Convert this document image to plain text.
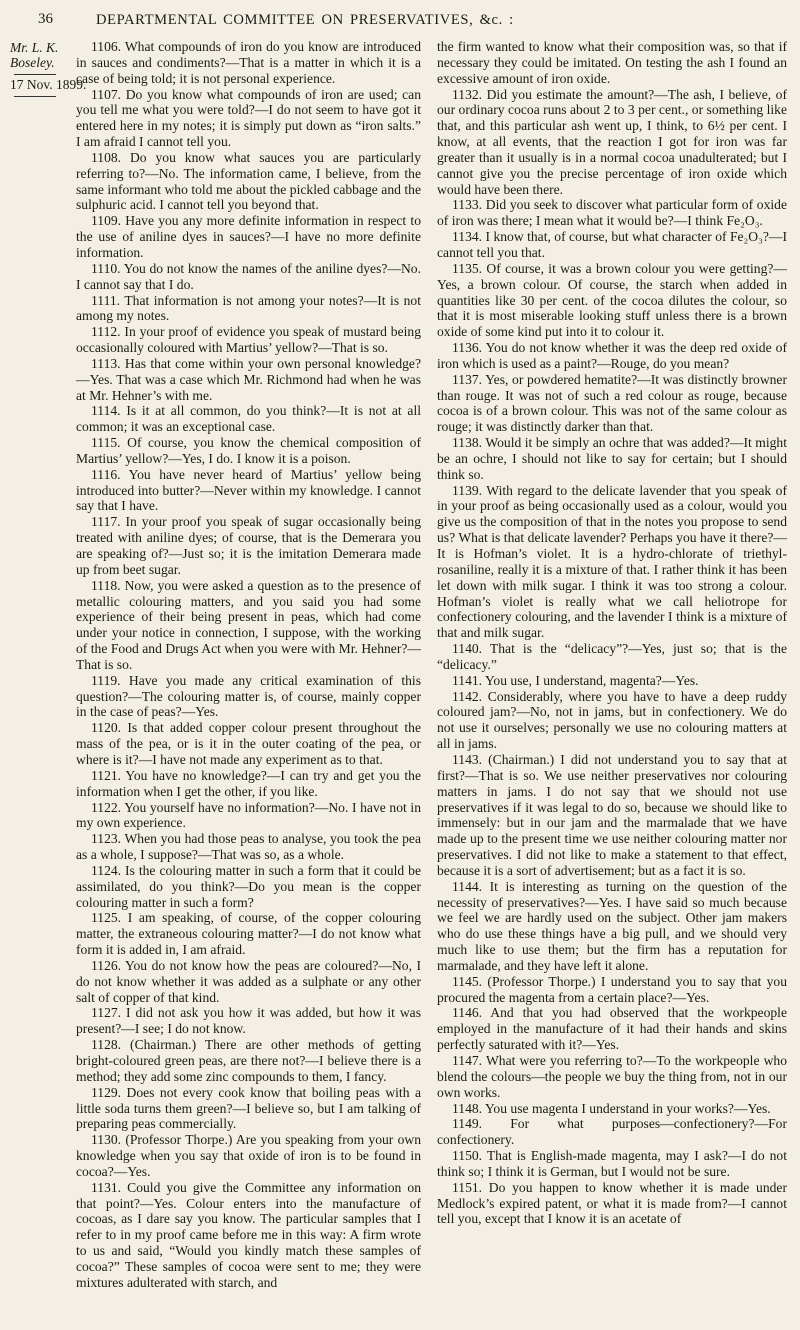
36	DEPARTMENTAL COMMITTEE ON PRESERVATIVES, &c. :
Mr. L. K. Boseley.
17 Nov. 1899.

1106. What compounds of iron do you know are introduced in sauces and condiments?—That is a matter in which it is a case of being told; it is not personal experience.

1107. Do you know what compounds of iron are used; can you tell me what you were told?—I do not seem to have got it entered here in my notes; it is simply put down as “iron salts.” I am afraid I cannot tell you.

1108. Do you know what sauces you are particularly referring to?—No. The information came, I believe, from the same informant who told me about the pickled cabbage and the sulphuric acid. I cannot tell you beyond that.

1109. Have you any more definite information in respect to the use of aniline dyes in sauces?—I have no more definite information.

1110. You do not know the names of the aniline dyes?—No. I cannot say that I do.

1111. That information is not among your notes?—It is not among my notes.

1112. In your proof of evidence you speak of mustard being occasionally coloured with Martius’ yellow?—That is so.

1113. Has that come within your own personal knowledge?—Yes. That was a case which Mr. Richmond had when he was at Mr. Hehner’s with me.

1114. Is it at all common, do you think?—It is not at all common; it was an exceptional case.

1115. Of course, you know the chemical composition of Martius’ yellow?—Yes, I do. I know it is a poison.

1116. You have never heard of Martius’ yellow being introduced into butter?—Never within my knowledge. I cannot say that I have.

1117. In your proof you speak of sugar occasionally being treated with aniline dyes; of course, that is the Demerara you are speaking of?—Just so; it is the imitation Demerara made up from beet sugar.

1118. Now, you were asked a question as to the presence of metallic colouring matters, and you said you had some experience of their being present in peas, which had come under your notice in connection, I suppose, with the working of the Food and Drugs Act when you were with Mr. Hehner?—That is so.

1119. Have you made any critical examination of this question?—The colouring matter is, of course, mainly copper in the case of peas?—Yes.

1120. Is that added copper colour present throughout the mass of the pea, or is it in the outer coating of the pea, or where is it?—I have not made any experiment as to that.

1121. You have no knowledge?—I can try and get you the information when I get the other, if you like.

1122. You yourself have no information?—No. I have not in my own experience.

1123. When you had those peas to analyse, you took the pea as a whole, I suppose?—That was so, as a whole.

1124. Is the colouring matter in such a form that it could be assimilated, do you think?—Do you mean is the copper colouring matter in such a form?

1125. I am speaking, of course, of the copper colouring matter, the extraneous colouring matter?—I do not know what form it is added in, I am afraid.

1126. You do not know how the peas are coloured?—No, I do not know whether it was added as a sulphate or any other salt of copper of that kind.

1127. I did not ask you how it was added, but how it was present?—I see; I do not know.

1128. (Chairman.) There are other methods of getting bright-coloured green peas, are there not?—I believe there is a method; they add some zinc compounds to them, I fancy.

1129. Does not every cook know that boiling peas with a little soda turns them green?—I believe so, but I am talking of preparing peas commercially.

1130. (Professor Thorpe.) Are you speaking from your own knowledge when you say that oxide of iron is to be found in cocoa?—Yes.

1131. Could you give the Committee any information on that point?—Yes. Colour enters into the manufacture of cocoas, as I dare say you know. The particular samples that I refer to in my proof came before me in this way: A firm wrote to us and said, “Would you kindly match these samples of cocoa?” These samples of cocoa were sent to me; they were mixtures adulterated with starch, and

the firm wanted to know what their composition was, so that if necessary they could be imitated. On testing the ash I found an excessive amount of iron oxide.

1132. Did you estimate the amount?—The ash, I believe, of our ordinary cocoa runs about 2 to 3 per cent., or something like that, and this particular ash went up, I think, to 6½ per cent. I know, at all events, that the reaction I got for iron was far greater than it usually is in a normal cocoa unadulterated; but I cannot give you the precise percentage of iron oxide which would have been there.

1133. Did you seek to discover what particular form of oxide of iron was there; I mean what it would be?—I think Fe₂O₃.

1134. I know that, of course, but what character of Fe₂O₃?—I cannot tell you that.

1135. Of course, it was a brown colour you were getting?—Yes, a brown colour. Of course, the starch when added in quantities like 30 per cent. of the cocoa dilutes the colour, so that it is most miserable looking stuff unless there is a brown oxide of some kind put into it to colour it.

1136. You do not know whether it was the deep red oxide of iron which is used as a paint?—Rouge, do you mean?

1137. Yes, or powdered hematite?—It was distinctly browner than rouge. It was not of such a red colour as rouge, because cocoa is of a brown colour. This was not of the same colour as rouge; it was distinctly darker than that.

1138. Would it be simply an ochre that was added?—It might be an ochre, I should not like to say for certain; but I should think so.

1139. With regard to the delicate lavender that you speak of in your proof as being occasionally used as a colour, would you give us the composition of that in the notes you propose to send us? What is that delicate lavender? Perhaps you have it there?—It is Hofman’s violet. It is a hydro-chlorate of triethyl-rosaniline, really it is a mixture of that. I rather think it has been let down with milk sugar. I think it was too strong a colour. Hofman’s violet is really what we call heliotrope for confectionery colouring, and the lavender I think is a mixture of that and milk sugar.

1140. That is the “delicacy”?—Yes, just so; that is the “delicacy.”

1141. You use, I understand, magenta?—Yes.

1142. Considerably, where you have to have a deep ruddy coloured jam?—No, not in jams, but in confectionery. We do not use it ourselves; personally we use no colouring matters at all in jams.

1143. (Chairman.) I did not understand you to say that at first?—That is so. We use neither preservatives nor colouring matters in jams. I do not say that we should not use preservatives if it was legal to do so, because we should like to immensely: but in our jam and the marmalade that we have made up to the present time we use neither colouring matter nor preservatives. I did not like to make a statement to that effect, because it is a sort of advertisement; but as a fact it is so.

1144. It is interesting as turning on the question of the necessity of preservatives?—Yes. I have said so much because we feel we are hardly used on the subject. Other jam makers who do use these things have a big pull, and we should very much like to use them; but the firm has a reputation for marmalade, and they have left it alone.

1145. (Professor Thorpe.) I understand you to say that you procured the magenta from a certain place?—Yes.

1146. And that you had observed that the workpeople employed in the manufacture of it had their hands and skins perfectly saturated with it?—Yes.

1147. What were you referring to?—To the workpeople who blend the colours—the people we buy the thing from, not in our own works.

1148. You use magenta I understand in your works?—Yes.

1149. For what purposes—confectionery?—For confectionery.

1150. That is English-made magenta, may I ask?—I do not think so; I think it is German, but I would not be sure.

1151. Do you happen to know whether it is made under Medlock’s expired patent, or what it is made from?—I cannot tell you, except that I know it is an acetate of
